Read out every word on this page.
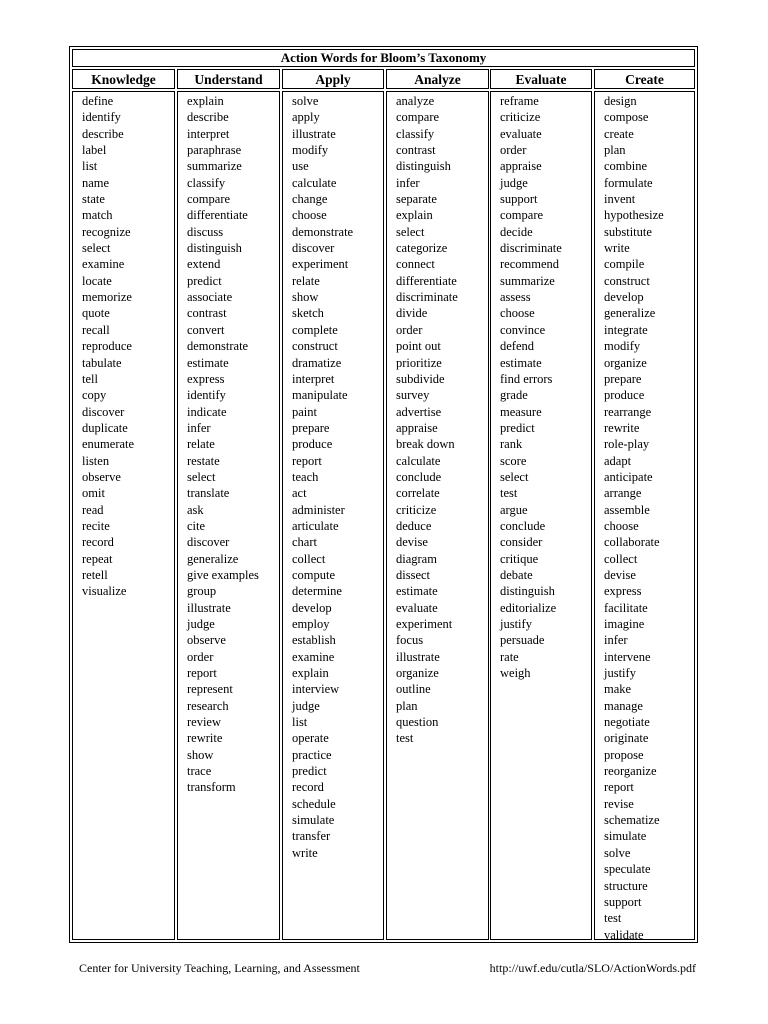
Action Words for Bloom’s Taxonomy
Knowledge
define
identify
describe
label
list
name
state
match
recognize
select
examine
locate
memorize
quote
recall
reproduce
tabulate
tell
copy
discover
duplicate
enumerate
listen
observe
omit
read
recite
record
repeat
retell
visualize
Understand
explain
describe
interpret
paraphrase
summarize
classify
compare
differentiate
discuss
distinguish
extend
predict
associate
contrast
convert
demonstrate
estimate
express
identify
indicate
infer
relate
restate
select
translate
ask
cite
discover
generalize
give examples
group
illustrate
judge
observe
order
report
represent
research
review
rewrite
show
trace
transform
Apply
solve
apply
illustrate
modify
use
calculate
change
choose
demonstrate
discover
experiment
relate
show
sketch
complete
construct
dramatize
interpret
manipulate
paint
prepare
produce
report
teach
act
administer
articulate
chart
collect
compute
determine
develop
employ
establish
examine
explain
interview
judge
list
operate
practice
predict
record
schedule
simulate
transfer
write
Analyze
analyze
compare
classify
contrast
distinguish
infer
separate
explain
select
categorize
connect
differentiate
discriminate
divide
order
point out
prioritize
subdivide
survey
advertise
appraise
break down
calculate
conclude
correlate
criticize
deduce
devise
diagram
dissect
estimate
evaluate
experiment
focus
illustrate
organize
outline
plan
question
test
Evaluate
reframe
criticize
evaluate
order
appraise
judge
support
compare
decide
discriminate
recommend
summarize
assess
choose
convince
defend
estimate
find errors
grade
measure
predict
rank
score
select
test
argue
conclude
consider
critique
debate
distinguish
editorialize
justify
persuade
rate
weigh
Create
design
compose
create
plan
combine
formulate
invent
hypothesize
substitute
write
compile
construct
develop
generalize
integrate
modify
organize
prepare
produce
rearrange
rewrite
role-play
adapt
anticipate
arrange
assemble
choose
collaborate
collect
devise
express
facilitate
imagine
infer
intervene
justify
make
manage
negotiate
originate
propose
reorganize
report
revise
schematize
simulate
solve
speculate
structure
support
test
validate
Center for University Teaching, Learning, and Assessment	http://uwf.edu/cutla/SLO/ActionWords.pdf
